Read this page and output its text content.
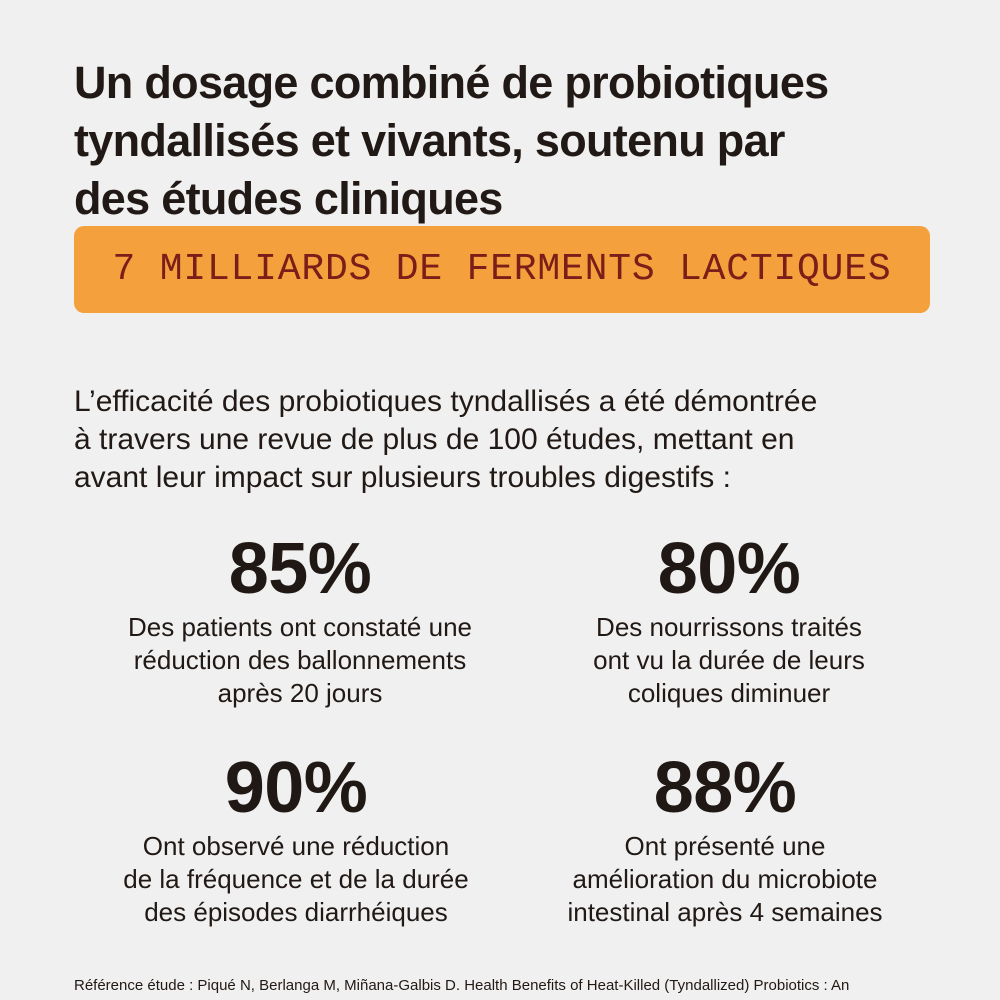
Un dosage combiné de probiotiques
tyndallisés et vivants, soutenu par
des études cliniques
7 MILLIARDS DE FERMENTS LACTIQUES

L’efficacité des probiotiques tyndallisés a été démontrée
à travers une revue de plus de 100 études, mettant en
avant leur impact sur plusieurs troubles digestifs :

85%
Des patients ont constaté une
réduction des ballonnements
après 20 jours
80%
Des nourrissons traités
ont vu la durée de leurs
coliques diminuer
90%
Ont observé une réduction
de la fréquence et de la durée
des épisodes diarrhéiques
88%
Ont présenté une
amélioration du microbiote
intestinal après 4 semaines
Référence étude : Piqué N, Berlanga M, Miñana-Galbis D. Health Benefits of Heat-Killed (Tyndallized) Probiotics : An
